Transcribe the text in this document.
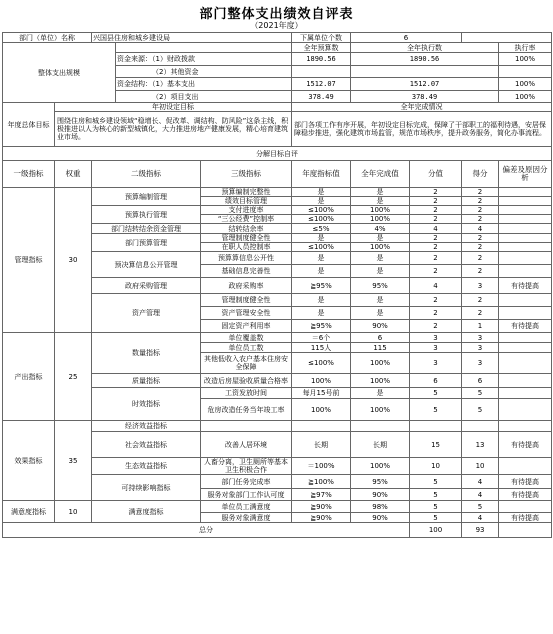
部门整体支出绩效自评表
（2021年度）
部门（单位）名称		兴国县住房和城乡建设局			下属单位个数	6			
整体支出规模					全年预算数	全年执行数			执行率
			资金来源：（1）财政拨款		1890.56	1890.56			100%
			（2）其他资金						
			资金结构：（1）基本支出		1512.07	1512.07			100%
			（2）项目支出		378.49	378.49			100%
年度总体目标	年初设定目标				全年完成情况				
	围绕住房和城乡建设领域“稳增长、促改革、调结构、防风险”这条主线，积极推进以人为核心的新型城镇化，大力推进房地产健康发展，精心培育建筑业市场。				部门各项工作有序开展，年初设定目标完成，保障了干部职工的福利待遇，安居保障稳步推进，强化建筑市场监管，规范市场秩序，提升政务服务，简化办事流程。				
分解目标自评									
一级指标	权重	二级指标		三级指标	年度指标值	全年完成值	分值	得分	偏差及原因分析
管理指标	30	预算编制管理		预算编制完整性	是	是	2	2	
				绩效目标管理	是	是	2	2	
		预算执行管理		支付进度率	≤100%	100%	2	2	
				“三公经费”控制率	≤100%	100%	2	2	
		部门结转结余资金管理		结转结余率	≤5%	4%	4	4	
		部门预算管理		管理制度健全性	是	是	2	2	
				在职人员控制率	≤100%	100%	2	2	
		预决算信息公开管理		预算算信息公开性	是	是	2	2	
				基础信息完善性	是	是	2	2	
		政府采购管理		政府采购率	≧95%	95%	4	3	有待提高
		资产管理		管理制度健全性	是	是	2	2	
				资产管理安全性	是	是	2	2	
				固定资产利用率	≧95%	90%	2	1	有待提高
产出指标	25	数量指标		单位覆盖数	＝6个	6	3	3	
				单位员工数	115人	115	3	3	
				其他低收入农户基本住房安全保障	≤100%	100%	3	3	
		质量指标		改造后房屋验收质量合格率	100%	100%	6	6	
		时效指标		工资发放时间	每月15号前	是	5	5	
				危房改造任务当年竣工率	100%	100%	5	5	
效果指标	35	经济效益指标							
		社会效益指标		改善人居环境	长期	长期	15	13	有待提高
		生态效益指标		人畜分离，卫生厕所等基本卫生积极合作	＝100%	100%	10	10	
		可持续影响指标		部门任务完成率	≧100%	95%	5	4	有待提高
				服务对象部门工作认可度	≧97%	90%	5	4	有待提高
满意度指标	10	满意度指标		单位员工满意度	≧90%	98%	5	5	
				服务对象满意度	≧90%	90%	5	4	有待提高
总分							100	93	
